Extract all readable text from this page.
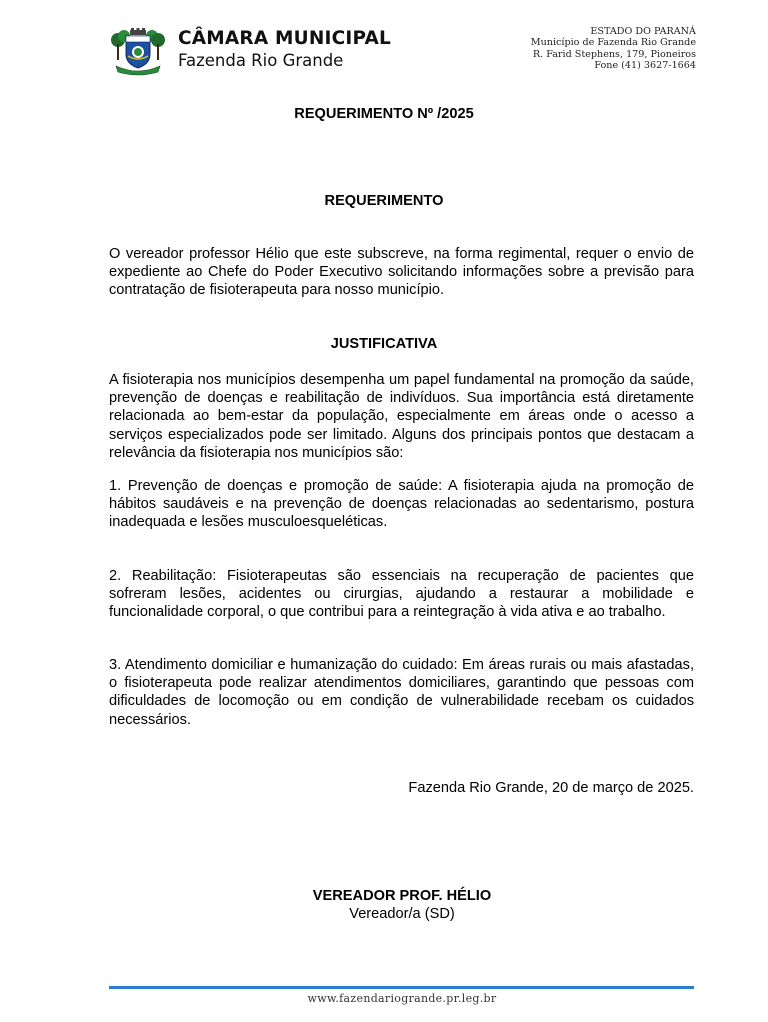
CÂMARA MUNICIPAL
Fazenda Rio Grande
ESTADO DO PARANÁ
Município de Fazenda Rio Grande
R. Farid Stephens, 179, Pioneiros
Fone (41) 3627-1664
REQUERIMENTO Nº /2025
REQUERIMENTO

O vereador professor Hélio que este subscreve, na forma regimental, requer o envio de expediente ao Chefe do Poder Executivo solicitando informações sobre a previsão para contratação de fisioterapeuta para nosso município.

JUSTIFICATIVA

A fisioterapia nos municípios desempenha um papel fundamental na promoção da saúde, prevenção de doenças e reabilitação de indivíduos. Sua importância está diretamente relacionada ao bem-estar da população, especialmente em áreas onde o acesso a serviços especializados pode ser limitado. Alguns dos principais pontos que destacam a relevância da fisioterapia nos municípios são:

1. Prevenção de doenças e promoção de saúde: A fisioterapia ajuda na promoção de hábitos saudáveis e na prevenção de doenças relacionadas ao sedentarismo, postura inadequada e lesões musculoesqueléticas.

2. Reabilitação: Fisioterapeutas são essenciais na recuperação de pacientes que sofreram lesões, acidentes ou cirurgias, ajudando a restaurar a mobilidade e funcionalidade corporal, o que contribui para a reintegração à vida ativa e ao trabalho.

3. Atendimento domiciliar e humanização do cuidado: Em áreas rurais ou mais afastadas, o fisioterapeuta pode realizar atendimentos domiciliares, garantindo que pessoas com dificuldades de locomoção ou em condição de vulnerabilidade recebam os cuidados necessários.

Fazenda Rio Grande, 20 de março de 2025.
VEREADOR PROF. HÉLIO
Vereador/a (SD)
www.fazendariogrande.pr.leg.br
